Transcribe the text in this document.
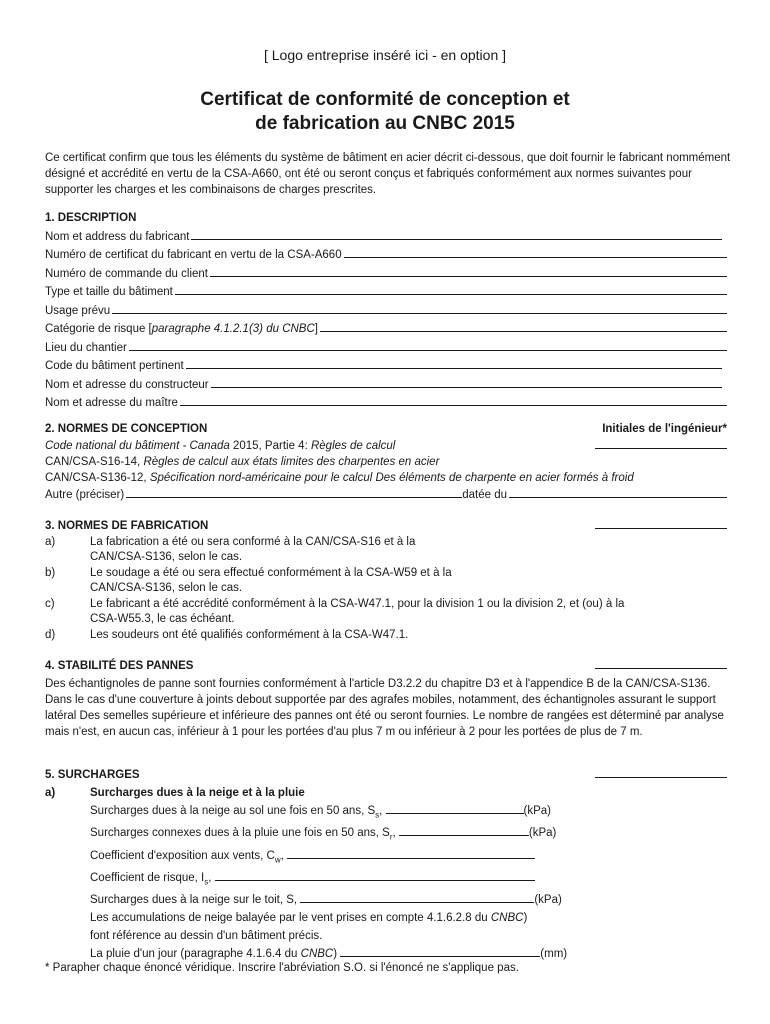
[ Logo entreprise inséré ici - en option ]
Certificat de conformité de conception et
de fabrication au CNBC 2015
Ce certificat confirm que tous les éléments du système de bâtiment en acier décrit ci-dessous, que doit fournir le fabricant nommément désigné et accrédité en vertu de la CSA-A660, ont été ou seront conçus et fabriqués conformément aux normes suivantes pour supporter les charges et les combinaisons de charges prescrites.
1. DESCRIPTION
Nom et address du fabricant
Numéro de certificat du fabricant en vertu de la CSA-A660
Numéro de commande du client
Type et taille du bâtiment
Usage prévu
Catégorie de risque [ paragraphe 4.1.2.1(3) du CNBC ]
Lieu du chantier
Code du bâtiment pertinent
Nom et adresse du constructeur
Nom et adresse du maître
2. NORMES DE CONCEPTION	Initiales de l'ingénieur*
Code national du bâtiment - Canada 2015, Partie 4: Règles de calcul
CAN/CSA-S16-14, Règles de calcul aux états limites des charpentes en acier
CAN/CSA-S136-12, Spécification nord-américaine pour le calcul Des éléments de charpente en acier formés à froid
Autre (préciser)	datée du
3. NORMES DE FABRICATION
a)	La fabrication a été ou sera conformé à la CAN/CSA-S16 et à la
CAN/CSA-S136, selon le cas.
b)	Le soudage a été ou sera effectué conformément à la CSA-W59 et à la
CAN/CSA-S136, selon le cas.
c)	Le fabricant a été accrédité conformément à la CSA-W47.1, pour la division 1 ou la division 2, et (ou) à la
CSA-W55.3, le cas échéant.
d)	Les soudeurs ont été qualifiés conformément à la CSA-W47.1.
4. STABILITÉ DES PANNES
Des échantignoles de panne sont fournies conformément à l'article D3.2.2 du chapitre D3 et à l'appendice B de la CAN/CSA-S136. Dans le cas d'une couverture à joints debout supportée par des agrafes mobiles, notamment, des échantignoles assurant le support latéral Des semelles supérieure et inférieure des pannes ont été ou seront fournies. Le nombre de rangées est déterminé par analyse mais n'est, en aucun cas, inférieur à 1 pour les portées d'au plus 7 m ou inférieur à 2 pour les portées de plus de 7 m.
5. SURCHARGES
a)	Surcharges dues à la neige et à la pluie
Surcharges dues à la neige au sol une fois en 50 ans, $S_s$,	(kPa)
Surcharges connexes dues à la pluie une fois en 50 ans, $S_r$,	(kPa)
Coefficient d'exposition aux vents, $C_w$,
Coefficient de risque, $I_s$,
Surcharges dues à la neige sur le toit, S,	(kPa)
Les accumulations de neige balayée par le vent prises en compte 4.1.6.2.8 du CNBC)
font référence au dessin d'un bâtiment précis.
La pluie d'un jour (paragraphe 4.1.6.4 du CNBC)	(mm)
* Parapher chaque énoncé véridique. Inscrire l'abréviation S.O. si l'énoncé ne s'applique pas.
